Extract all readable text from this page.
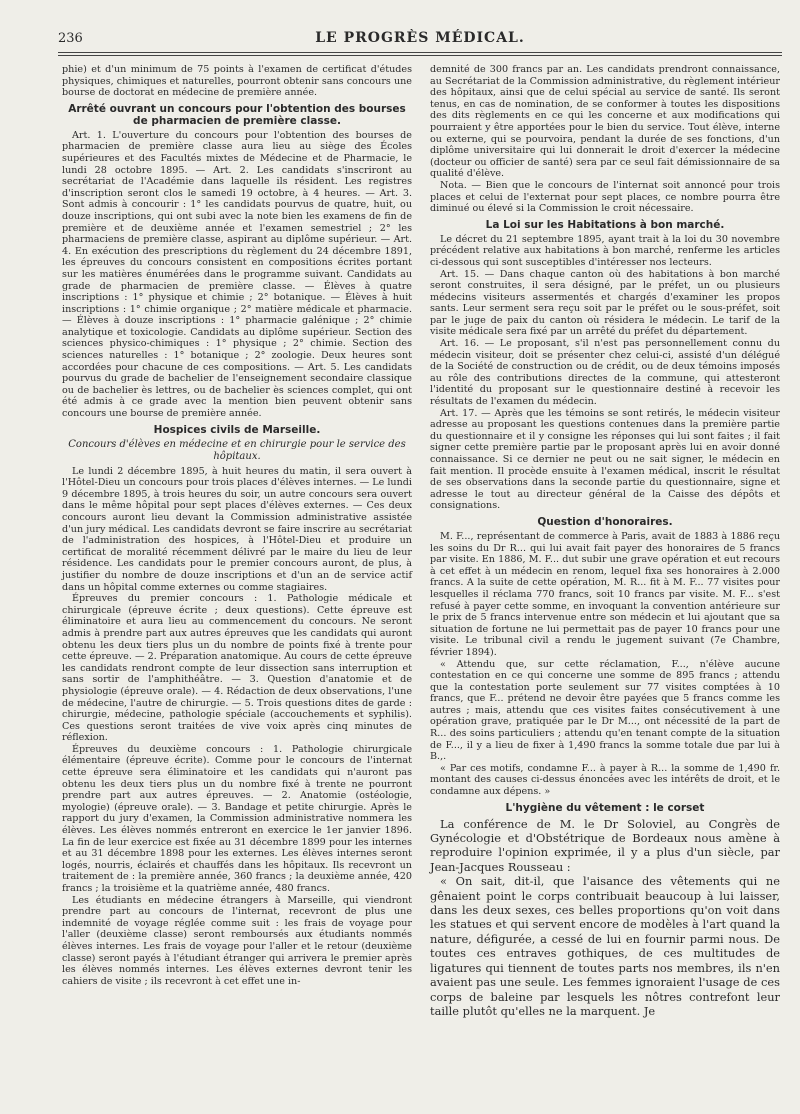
236	LE PROGRÈS MÉDICAL.

phie) et d'un minimum de 75 points à l'examen de certificat d'études physiques, chimiques et naturelles, pourront obtenir sans concours une bourse de doctorat en médecine de première année.

Arrêté ouvrant un concours pour l'obtention des bourses de pharmacien de première classe.

Art. 1. L'ouverture du concours pour l'obtention des bourses de pharmacien de première classe aura lieu au siège des Écoles supérieures et des Facultés mixtes de Médecine et de Pharmacie, le lundi 28 octobre 1895. — Art. 2. Les candidats s'inscriront au secrétariat de l'Académie dans laquelle ils résident. Les registres d'inscription seront clos le samedi 19 octobre, à 4 heures. — Art. 3. Sont admis à concourir : 1° les candidats pourvus de quatre, huit, ou douze inscriptions, qui ont subi avec la note bien les examens de fin de première et de deuxième année et l'examen semestriel ; 2° les pharmaciens de première classe, aspirant au diplôme supérieur. — Art. 4. En exécution des prescriptions du règlement du 24 décembre 1891, les épreuves du concours consistent en compositions écrites portant sur les matières énumérées dans le programme suivant. Candidats au grade de pharmacien de première classe. — Élèves à quatre inscriptions : 1° physique et chimie ; 2° botanique. — Élèves à huit inscriptions : 1° chimie organique ; 2° matière médicale et pharmacie. — Élèves à douze inscriptions : 1° pharmacie galénique ; 2° chimie analytique et toxicologie. Candidats au diplôme supérieur. Section des sciences physico-chimiques : 1° physique ; 2° chimie. Section des sciences naturelles : 1° botanique ; 2° zoologie. Deux heures sont accordées pour chacune de ces compositions. — Art. 5. Les candidats pourvus du grade de bachelier de l'enseignement secondaire classique ou de bachelier ès lettres, ou de bachelier ès sciences complet, qui ont été admis à ce grade avec la mention bien peuvent obtenir sans concours une bourse de première année.

Hospices civils de Marseille.
Concours d'élèves en médecine et en chirurgie pour le service des hôpitaux.

Le lundi 2 décembre 1895, à huit heures du matin, il sera ouvert à l'Hôtel-Dieu un concours pour trois places d'élèves internes. — Le lundi 9 décembre 1895, à trois heures du soir, un autre concours sera ouvert dans le même hôpital pour sept places d'élèves externes. — Ces deux concours auront lieu devant la Commission administrative assistée d'un jury médical. Les candidats devront se faire inscrire au secrétariat de l'administration des hospices, à l'Hôtel-Dieu et produire un certificat de moralité récemment délivré par le maire du lieu de leur résidence. Les candidats pour le premier concours auront, de plus, à justifier du nombre de douze inscriptions et d'un an de service actif dans un hôpital comme externes ou comme stagiaires.

Épreuves du premier concours : 1. Pathologie médicale et chirurgicale (épreuve écrite ; deux questions). Cette épreuve est éliminatoire et aura lieu au commencement du concours. Ne seront admis à prendre part aux autres épreuves que les candidats qui auront obtenu les deux tiers plus un du nombre de points fixé à trente pour cette épreuve. — 2. Préparation anatomique. Au cours de cette épreuve les candidats rendront compte de leur dissection sans interruption et sans sortir de l'amphithéâtre. — 3. Question d'anatomie et de physiologie (épreuve orale). — 4. Rédaction de deux observations, l'une de médecine, l'autre de chirurgie. — 5. Trois questions dites de garde : chirurgie, médecine, pathologie spéciale (accouchements et syphilis). Ces questions seront traitées de vive voix après cinq minutes de réflexion.

Épreuves du deuxième concours : 1. Pathologie chirurgicale élémentaire (épreuve écrite). Comme pour le concours de l'internat cette épreuve sera éliminatoire et les candidats qui n'auront pas obtenu les deux tiers plus un du nombre fixé à trente ne pourront prendre part aux autres épreuves. — 2. Anatomie (ostéologie, myologie) (épreuve orale). — 3. Bandage et petite chirurgie. Après le rapport du jury d'examen, la Commission administrative nommera les élèves. Les élèves nommés entreront en exercice le 1er janvier 1896. La fin de leur exercice est fixée au 31 décembre 1899 pour les internes et au 31 décembre 1898 pour les externes. Les élèves internes seront logés, nourris, éclairés et chauffés dans les hôpitaux. Ils recevront un traitement de : la première année, 360 francs ; la deuxième année, 420 francs ; la troisième et la quatrième année, 480 francs.

Les étudiants en médecine étrangers à Marseille, qui viendront prendre part au concours de l'internat, recevront de plus une indemnité de voyage réglée comme suit : les frais de voyage pour l'aller (deuxième classe) seront remboursés aux étudiants nommés élèves internes. Les frais de voyage pour l'aller et le retour (deuxième classe) seront payés à l'étudiant étranger qui arrivera le premier après les élèves nommés internes. Les élèves externes devront tenir les cahiers de visite ; ils recevront à cet effet une in-

demnité de 300 francs par an. Les candidats prendront connaissance, au Secrétariat de la Commission administrative, du règlement intérieur des hôpitaux, ainsi que de celui spécial au service de santé. Ils seront tenus, en cas de nomination, de se conformer à toutes les dispositions des dits règlements en ce qui les concerne et aux modifications qui pourraient y être apportées pour le bien du service. Tout élève, interne ou externe, qui se pourvoira, pendant la durée de ses fonctions, d'un diplôme universitaire qui lui donnerait le droit d'exercer la médecine (docteur ou officier de santé) sera par ce seul fait démissionnaire de sa qualité d'élève.

Nota. — Bien que le concours de l'internat soit annoncé pour trois places et celui de l'externat pour sept places, ce nombre pourra être diminué ou élevé si la Commission le croit nécessaire.

La Loi sur les Habitations à bon marché.

Le décret du 21 septembre 1895, ayant trait à la loi du 30 novembre précédent relative aux habitations à bon marché, renferme les articles ci-dessous qui sont susceptibles d'intéresser nos lecteurs.

Art. 15. — Dans chaque canton où des habitations à bon marché seront construites, il sera désigné, par le préfet, un ou plusieurs médecins visiteurs assermentés et chargés d'examiner les propos sants. Leur serment sera reçu soit par le préfet ou le sous-préfet, soit par le juge de paix du canton où résidera le médecin. Le tarif de la visite médicale sera fixé par un arrêté du préfet du département.

Art. 16. — Le proposant, s'il n'est pas personnellement connu du médecin visiteur, doit se présenter chez celui-ci, assisté d'un délégué de la Société de construction ou de crédit, ou de deux témoins imposés au rôle des contributions directes de la commune, qui attesteront l'identité du proposant sur le questionnaire destiné à recevoir les résultats de l'examen du médecin.

Art. 17. — Après que les témoins se sont retirés, le médecin visiteur adresse au proposant les questions contenues dans la première partie du questionnaire et il y consigne les réponses qui lui sont faites ; il fait signer cette première partie par le proposant après lui en avoir donné connaissance. Si ce dernier ne peut ou ne sait signer, le médecin en fait mention. Il procède ensuite à l'examen médical, inscrit le résultat de ses observations dans la seconde partie du questionnaire, signe et adresse le tout au directeur général de la Caisse des dépôts et consignations.

Question d'honoraires.

M. F..., représentant de commerce à Paris, avait de 1883 à 1886 reçu les soins du Dr R... qui lui avait fait payer des honoraires de 5 francs par visite. En 1886, M. F... dut subir une grave opération et eut recours à cet effet à un médecin en renom, lequel fixa ses honoraires à 2.000 francs. A la suite de cette opération, M. R... fit à M. F... 77 visites pour lesquelles il réclama 770 francs, soit 10 francs par visite. M. F... s'est refusé à payer cette somme, en invoquant la convention antérieure sur le prix de 5 francs intervenue entre son médecin et lui ajoutant que sa situation de fortune ne lui permettait pas de payer 10 francs pour une visite. Le tribunal civil a rendu le jugement suivant (7e Chambre, février 1894).

« Attendu que, sur cette réclamation, F..., n'élève aucune contestation en ce qui concerne une somme de 895 francs ; attendu que la contestation porte seulement sur 77 visites comptées à 10 francs, que F... prétend ne devoir être payées que 5 francs comme les autres ; mais, attendu que ces visites faites consécutivement à une opération grave, pratiquée par le Dr M..., ont nécessité de la part de R... des soins particuliers ; attendu qu'en tenant compte de la situation de F..., il y a lieu de fixer à 1,490 francs la somme totale due par lui à B.,.

« Par ces motifs, condamne F... à payer à R... la somme de 1,490 fr. montant des causes ci-dessus énoncées avec les intérêts de droit, et le condamne aux dépens. »

L'hygiène du vêtement : le corset

La conférence de M. le Dr Soloviel, au Congrès de Gynécologie et d'Obstétrique de Bordeaux nous amène à reproduire l'opinion exprimée, il y a plus d'un siècle, par Jean-Jacques Rousseau :

« On sait, dit-il, que l'aisance des vêtements qui ne gênaient point le corps contribuait beaucoup à lui laisser, dans les deux sexes, ces belles proportions qu'on voit dans les statues et qui servent encore de modèles à l'art quand la nature, défigurée, a cessé de lui en fournir parmi nous. De toutes ces entraves gothiques, de ces multitudes de ligatures qui tiennent de toutes parts nos membres, ils n'en avaient pas une seule. Les femmes ignoraient l'usage de ces corps de baleine par lesquels les nôtres contrefont leur taille plutôt qu'elles ne la marquent. Je
